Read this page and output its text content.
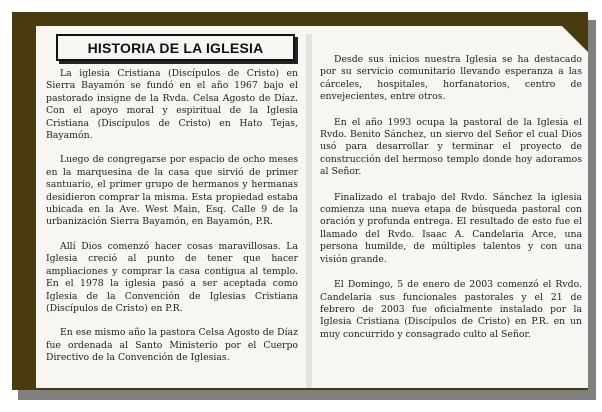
HISTORIA DE LA IGLESIA

La iglesia Cristiana (Discípulos de Cristo) en Sierra Bayamón se fundó en el año 1967 bajo el pastorado insigne de la Rvda. Celsa Agosto de Díaz. Con el apoyo moral y espiritual de la Iglesia Cristiana (Discípulos de Cristo) en Hato Tejas, Bayamón.

Luego de congregarse por espacio de ocho meses en la marquesina de la casa que sirvió de primer santuario, el primer grupo de hermanos y hermanas desidieron comprar la misma. Esta propiedad estaba ubicada en la Ave. West Main, Esq. Calle 9 de la urbanización Sierra Bayamón, en Bayamón, P.R.

Allí Dios comenzó hacer cosas maravillosas. La Iglesia creció al punto de tener que hacer ampliaciones y comprar la casa contigua al templo. En el 1978 la iglesia pasó a ser aceptada como Iglesia de la Convención de Iglesias Cristiana (Discípulos de Cristo) en P.R.

En ese mismo año la pastora Celsa Agosto de Díaz fue ordenada al Santo Ministerio por el Cuerpo Directivo de la Convención de Iglesias.

Desde sus inicios nuestra Iglesia se ha destacado por su servicio comunitario llevando esperanza a las cárceles, hospitales, horfanatorios, centro de envejecientes, entre otros.

En el año 1993 ocupa la pastoral de la Iglesia el Rvdo. Benito Sánchez, un siervo del Señor el cual Dios usó para desarrollar y terminar el proyecto de construcción del hermoso templo donde hoy adoramos al Señor.

Finalizado el trabajo del Rvdo. Sánchez la iglesia comienza una nueva etapa de búsqueda pastoral con oración y profunda entrega. El resultado de esto fue el llamado del Rvdo. Isaac A. Candelaria Arce, una persona humilde, de múltiples talentos y con una visión grande.

El Domingo, 5 de enero de 2003 comenzó el Rvdo. Candelaria sus funcionales pastorales y el 21 de febrero de 2003 fue oficialmente instalado por la Iglesia Cristiana (Discípulos de Cristo) en P.R. en un muy concurrido y consagrado culto al Señor.
